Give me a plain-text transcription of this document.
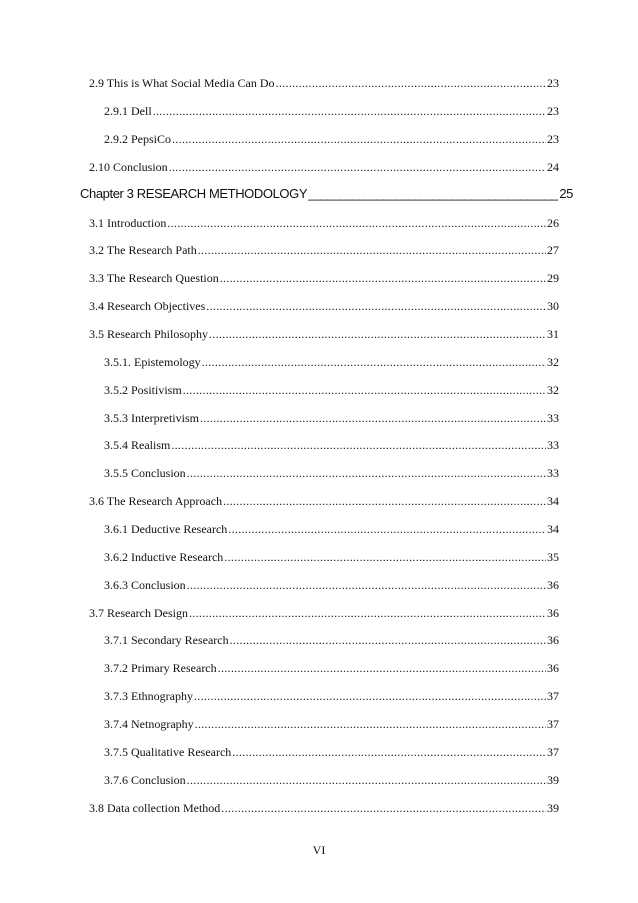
2.9 This is What Social Media Can Do .....	23
2.9.1 Dell .....	23
2.9.2 PepsiCo .....	23
2.10 Conclusion .....	24
Chapter 3 RESEARCH METHODOLOGY _____	25
3.1 Introduction .....	26
3.2 The Research Path .....	27
3.3 The Research Question .....	29
3.4 Research Objectives .....	30
3.5 Research Philosophy .....	31
3.5.1. Epistemology .....	32
3.5.2 Positivism .....	32
3.5.3 Interpretivism .....	33
3.5.4 Realism .....	33
3.5.5 Conclusion .....	33
3.6 The Research Approach .....	34
3.6.1 Deductive Research .....	34
3.6.2 Inductive Research .....	35
3.6.3 Conclusion .....	36
3.7 Research Design .....	36
3.7.1 Secondary Research .....	36
3.7.2 Primary Research .....	36
3.7.3 Ethnography .....	37
3.7.4 Netnography .....	37
3.7.5 Qualitative Research .....	37
3.7.6 Conclusion .....	39
3.8 Data collection Method .....	39
VI
